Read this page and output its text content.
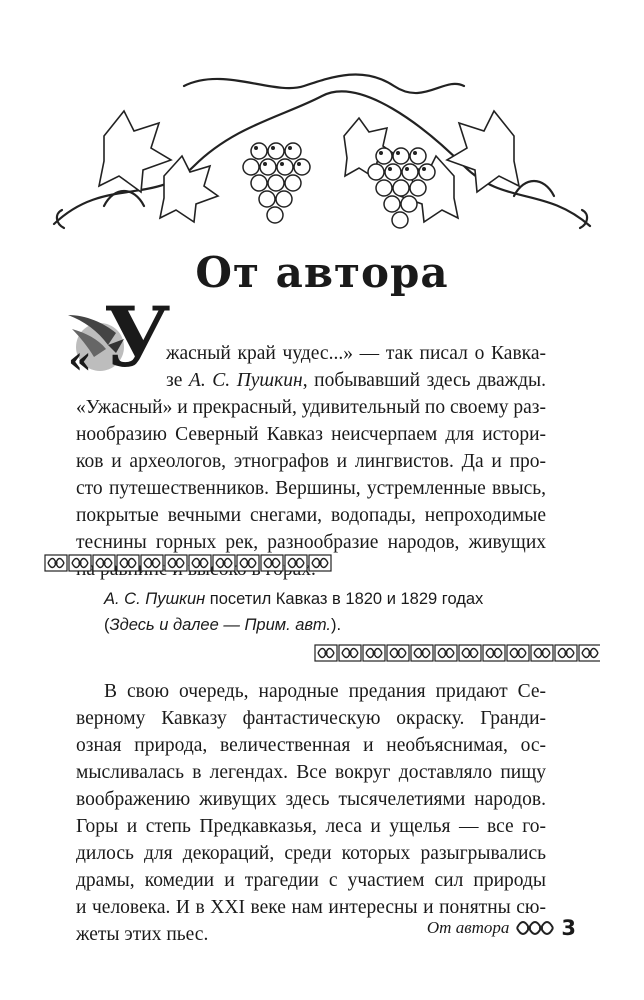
От автора
« У
жасный край чудес...» — так писал о Кавка-
зе А. С. Пушкин, побывавший здесь дважды.
«Ужасный» и прекрасный, удивительный по своему раз-
нообразию Северный Кавказ неисчерпаем для истори-
ков и археологов, этнографов и лингвистов. Да и про-
сто путешественников. Вершины, устремленные ввысь,
покрытые вечными снегами, водопады, непроходимые
теснины горных рек, разнообразие народов, живущих

А. С. Пушкин посетил Кавказ в 1820 и 1829 годах
(Здесь и далее — Прим. авт.).

В свою очередь, народные предания придают Се-
верному Кавказу фантастическую окраску. Гранди-
озная природа, величественная и необъяснимая, ос-
мысливалась в легендах. Все вокруг доставляло пищу
воображению живущих здесь тысячелетиями народов.
Горы и степь Предкавказья, леса и ущелья — все го-
дилось для декораций, среди которых разыгрывались
драмы, комедии и трагедии с участием сил природы
и человека. И в XXI веке нам интересны и понятны сю-
жеты этих пьес.	От автора 3
